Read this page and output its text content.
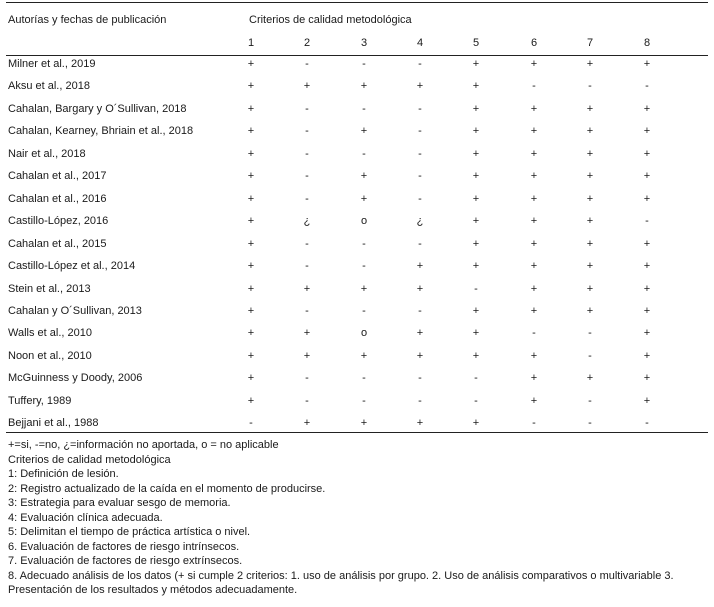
Autorías y fechas de publicación	Criterios de calidad metodológica
1	2	3	4	5	6	7	8
Milner et al., 2019	+	-	-	-	+	+	+	+
Aksu et al., 2018	+	+	+	+	+	-	-	-
Cahalan, Bargary y O´Sullivan, 2018	+	-	-	-	+	+	+	+
Cahalan, Kearney, Bhriain et al., 2018	+	-	+	-	+	+	+	+
Nair et al., 2018	+	-	-	-	+	+	+	+
Cahalan et al., 2017	+	-	+	-	+	+	+	+
Cahalan et al., 2016	+	-	+	-	+	+	+	+
Castillo-López, 2016	+	¿	o	¿	+	+	+	-
Cahalan et al., 2015	+	-	-	-	+	+	+	+
Castillo-López et al., 2014	+	-	-	+	+	+	+	+
Stein et al., 2013	+	+	+	+	-	+	+	+
Cahalan y O´Sullivan, 2013	+	-	-	-	+	+	+	+
Walls et al., 2010	+	+	o	+	+	-	-	+
Noon et al., 2010	+	+	+	+	+	+	-	+
McGuinness y Doody, 2006	+	-	-	-	-	+	+	+
Tuffery, 1989	+	-	-	-	-	+	-	+
Bejjani et al., 1988	-	+	+	+	+	-	-	-
+=si, -=no, ¿=información no aportada, o = no aplicable
Criterios de calidad metodológica
1: Definición de lesión.
2: Registro actualizado de la caída en el momento de producirse.
3: Estrategia para evaluar sesgo de memoria.
4: Evaluación clínica adecuada.
5: Delimitan el tiempo de práctica artística o nivel.
6. Evaluación de factores de riesgo intrínsecos.
7. Evaluación de factores de riesgo extrínsecos.
8. Adecuado análisis de los datos (+ si cumple 2 criterios: 1. uso de análisis por grupo. 2. Uso de análisis comparativos o multivariable 3.
Presentación de los resultados y métodos adecuadamente.
